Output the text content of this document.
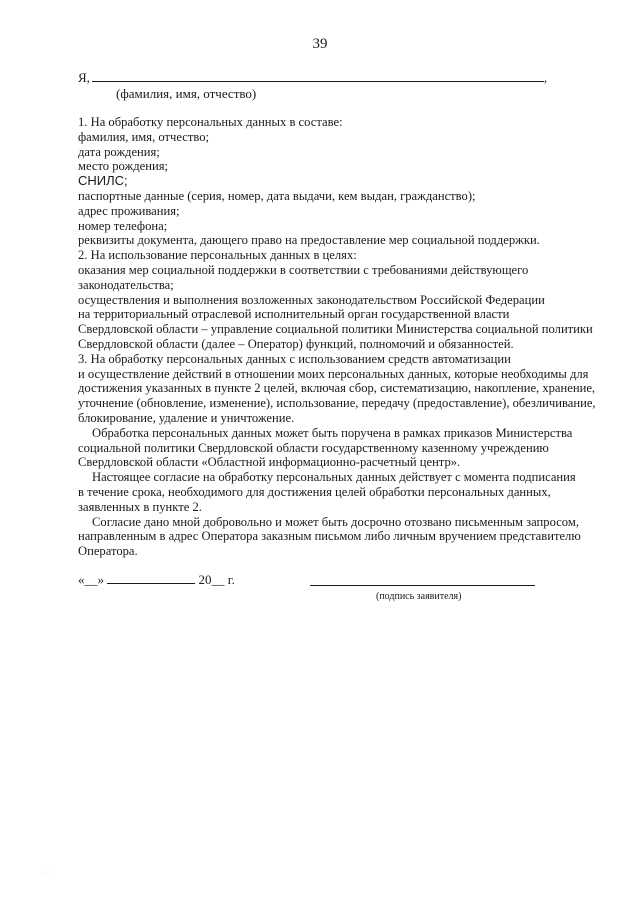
39
Я,	,
(фамилия, имя, отчество)
1. На обработку персональных данных в составе:
фамилия, имя, отчество;
дата рождения;
место рождения;
СНИЛС;
паспортные данные (серия, номер, дата выдачи, кем выдан, гражданство);
адрес проживания;
номер телефона;
реквизиты документа, дающего право на предоставление мер социальной поддержки.
2. На использование персональных данных в целях:
оказания мер социальной поддержки в соответствии с требованиями действующего
законодательства;
осуществления и выполнения возложенных законодательством Российской Федерации
на территориальный отраслевой исполнительный орган государственной власти
Свердловской области – управление социальной политики Министерства социальной политики
Свердловской области (далее – Оператор) функций, полномочий и обязанностей.
3. На обработку персональных данных с использованием средств автоматизации
и осуществление действий в отношении моих персональных данных, которые необходимы для
достижения указанных в пункте 2 целей, включая сбор, систематизацию, накопление, хранение,
уточнение (обновление, изменение), использование, передачу (предоставление), обезличивание,
блокирование, удаление и уничтожение.
Обработка персональных данных может быть поручена в рамках приказов Министерства
социальной политики Свердловской области государственному казенному учреждению
Свердловской области «Областной информационно-расчетный центр».
Настоящее согласие на обработку персональных данных действует с момента подписания
в течение срока, необходимого для достижения целей обработки персональных данных,
заявленных в пункте 2.
Согласие дано мной добровольно и может быть досрочно отозвано письменным запросом,
направленным в адрес Оператора заказным письмом либо личным вручением представителю
Оператора.
«__»	20__ г.
(подпись заявителя)
· · ·
